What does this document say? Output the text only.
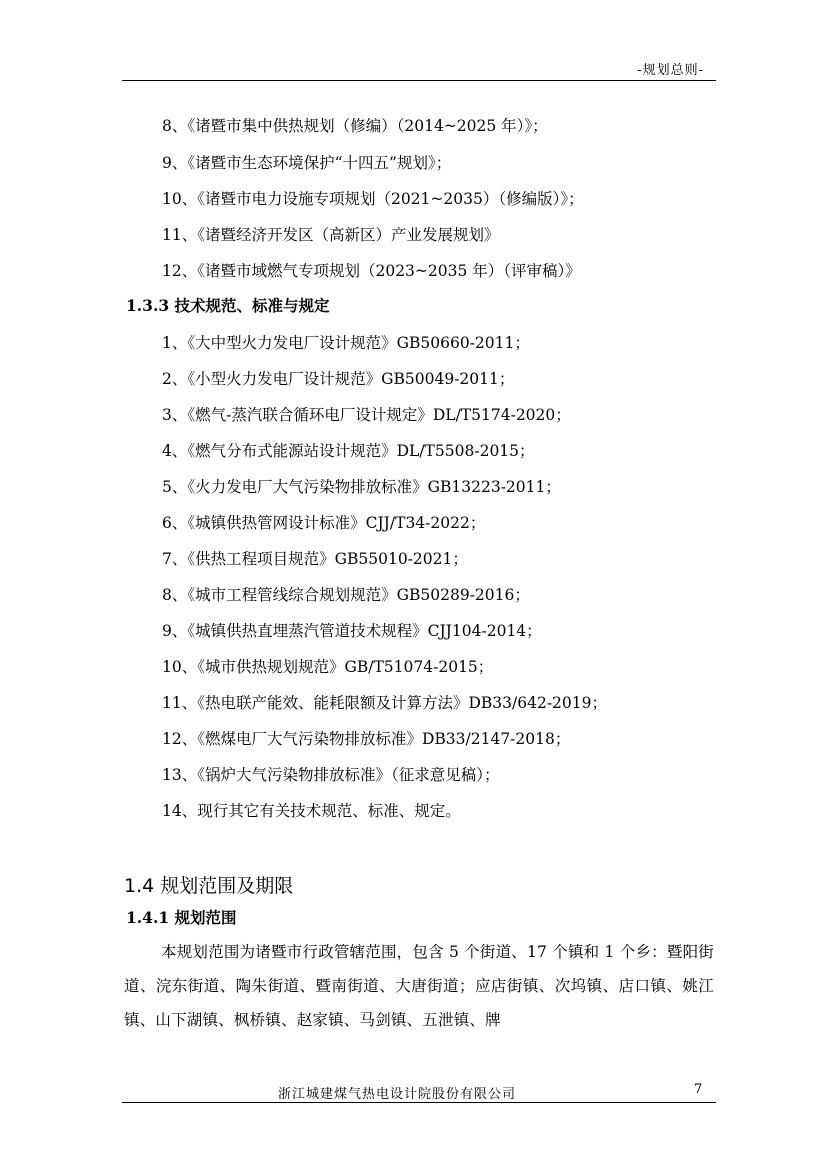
-规划总则-
8、《诸暨市集中供热规划（修编）（2014~2025 年）》；
9、《诸暨市生态环境保护“十四五”规划》；
10、《诸暨市电力设施专项规划（2021~2035）（修编版）》；
11、《诸暨经济开发区（高新区）产业发展规划》
12、《诸暨市域燃气专项规划（2023~2035 年）（评审稿）》
1.3.3 技术规范、标准与规定
1、《大中型火力发电厂设计规范》GB50660-2011；
2、《小型火力发电厂设计规范》GB50049-2011；
3、《燃气-蒸汽联合循环电厂设计规定》DL/T5174-2020；
4、《燃气分布式能源站设计规范》DL/T5508-2015；
5、《火力发电厂大气污染物排放标准》GB13223-2011；
6、《城镇供热管网设计标准》CJJ/T34-2022；
7、《供热工程项目规范》GB55010-2021；
8、《城市工程管线综合规划规范》GB50289-2016；
9、《城镇供热直埋蒸汽管道技术规程》CJJ104-2014；
10、《城市供热规划规范》GB/T51074-2015；
11、《热电联产能效、能耗限额及计算方法》DB33/642-2019；
12、《燃煤电厂大气污染物排放标准》DB33/2147-2018；
13、《锅炉大气污染物排放标准》（征求意见稿）；
14、现行其它有关技术规范、标准、规定。
1.4 规划范围及期限
1.4.1 规划范围
本规划范围为诸暨市行政管辖范围，包含 5 个街道、17 个镇和 1 个乡：暨阳街道、浣东街道、陶朱街道、暨南街道、大唐街道；应店街镇、次坞镇、店口镇、姚江镇、山下湖镇、枫桥镇、赵家镇、马剑镇、五泄镇、牌
浙江城建煤气热电设计院股份有限公司	7
